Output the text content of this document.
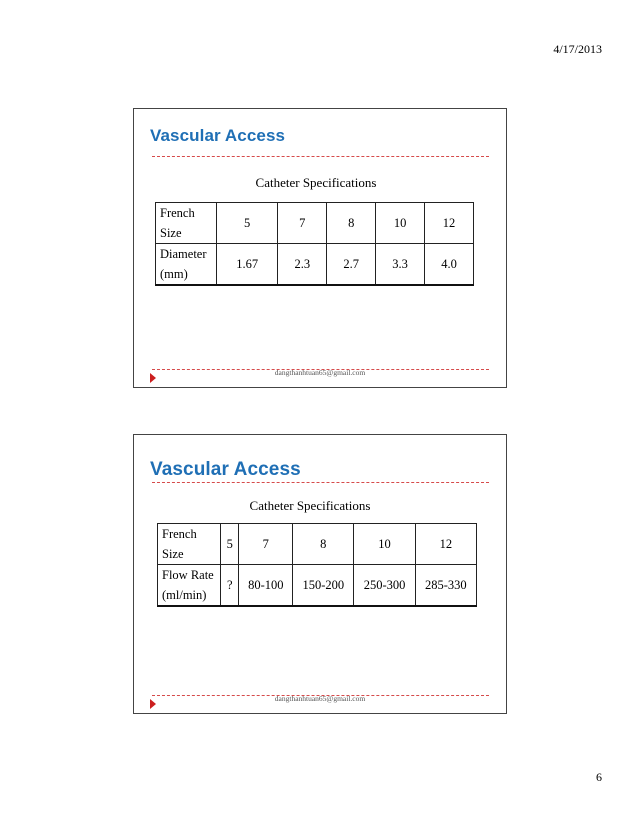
4/17/2013
Vascular Access
Catheter Specifications
French
Size	5	7	8	10	12
Diameter
(mm)	1.67	2.3	2.7	3.3	4.0
dangthanhtuan65@gmail.com
Vascular Access
Catheter Specifications
French
Size	5	7	8	10	12
Flow Rate
(ml/min)	?	80-100	150-200	250-300	285-330
dangthanhtuan65@gmail.com
6
